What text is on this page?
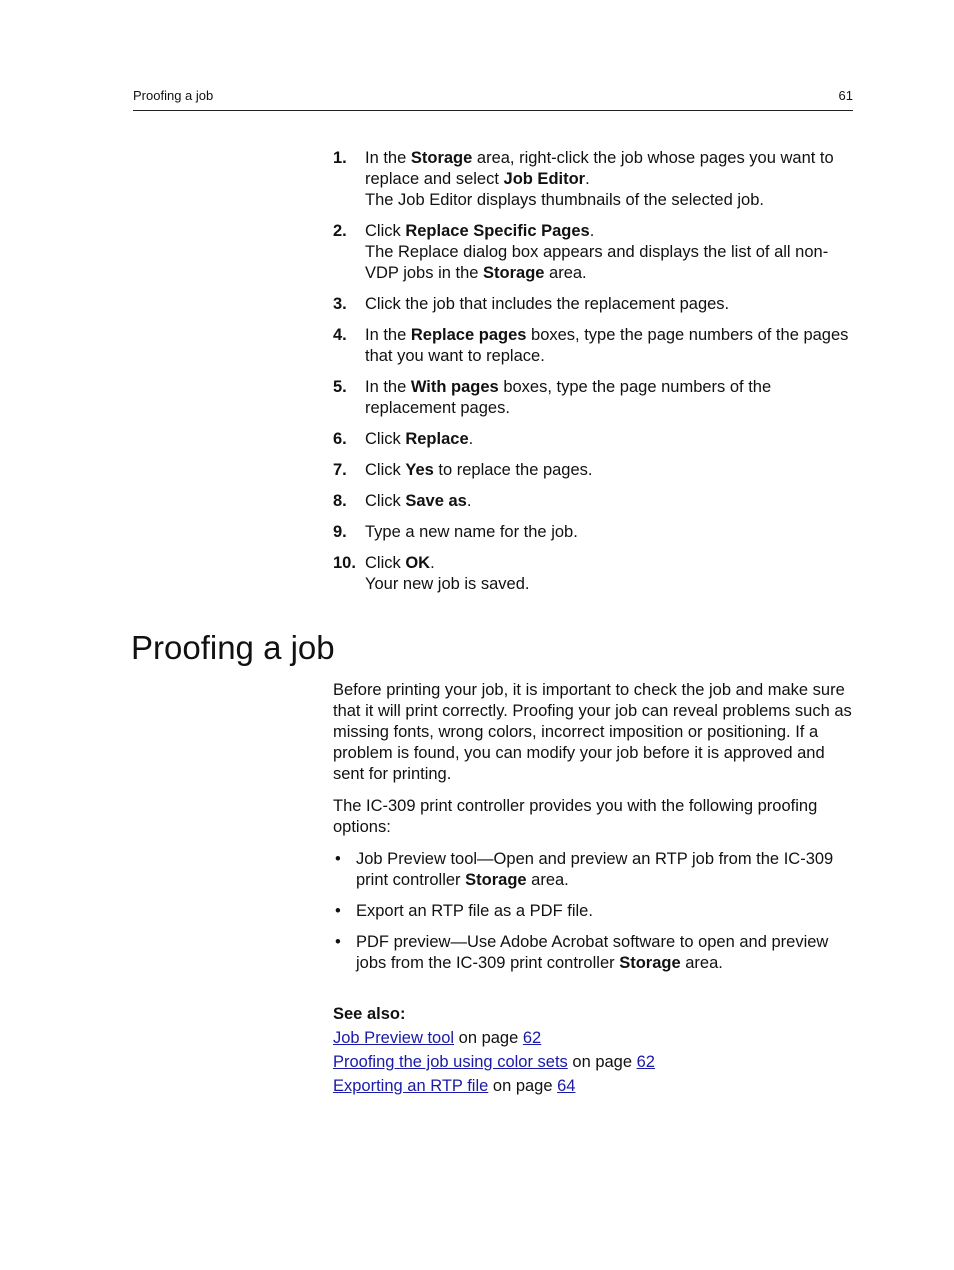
Proofing a job	61
1. In the Storage area, right-click the job whose pages you want to replace and select Job Editor.
The Job Editor displays thumbnails of the selected job.
2. Click Replace Specific Pages.
The Replace dialog box appears and displays the list of all non-VDP jobs in the Storage area.
3. Click the job that includes the replacement pages.
4. In the Replace pages boxes, type the page numbers of the pages that you want to replace.
5. In the With pages boxes, type the page numbers of the replacement pages.
6. Click Replace.
7. Click Yes to replace the pages.
8. Click Save as.
9. Type a new name for the job.
10. Click OK.
Your new job is saved.
Proofing a job

Before printing your job, it is important to check the job and make sure that it will print correctly. Proofing your job can reveal problems such as missing fonts, wrong colors, incorrect imposition or positioning. If a problem is found, you can modify your job before it is approved and sent for printing.

The IC-309 print controller provides you with the following proofing options:

• Job Preview tool—Open and preview an RTP job from the IC-309 print controller Storage area.
• Export an RTP file as a PDF file.
• PDF preview—Use Adobe Acrobat software to open and preview jobs from the IC-309 print controller Storage area.
See also:
Job Preview tool on page 62
Proofing the job using color sets on page 62
Exporting an RTP file on page 64
